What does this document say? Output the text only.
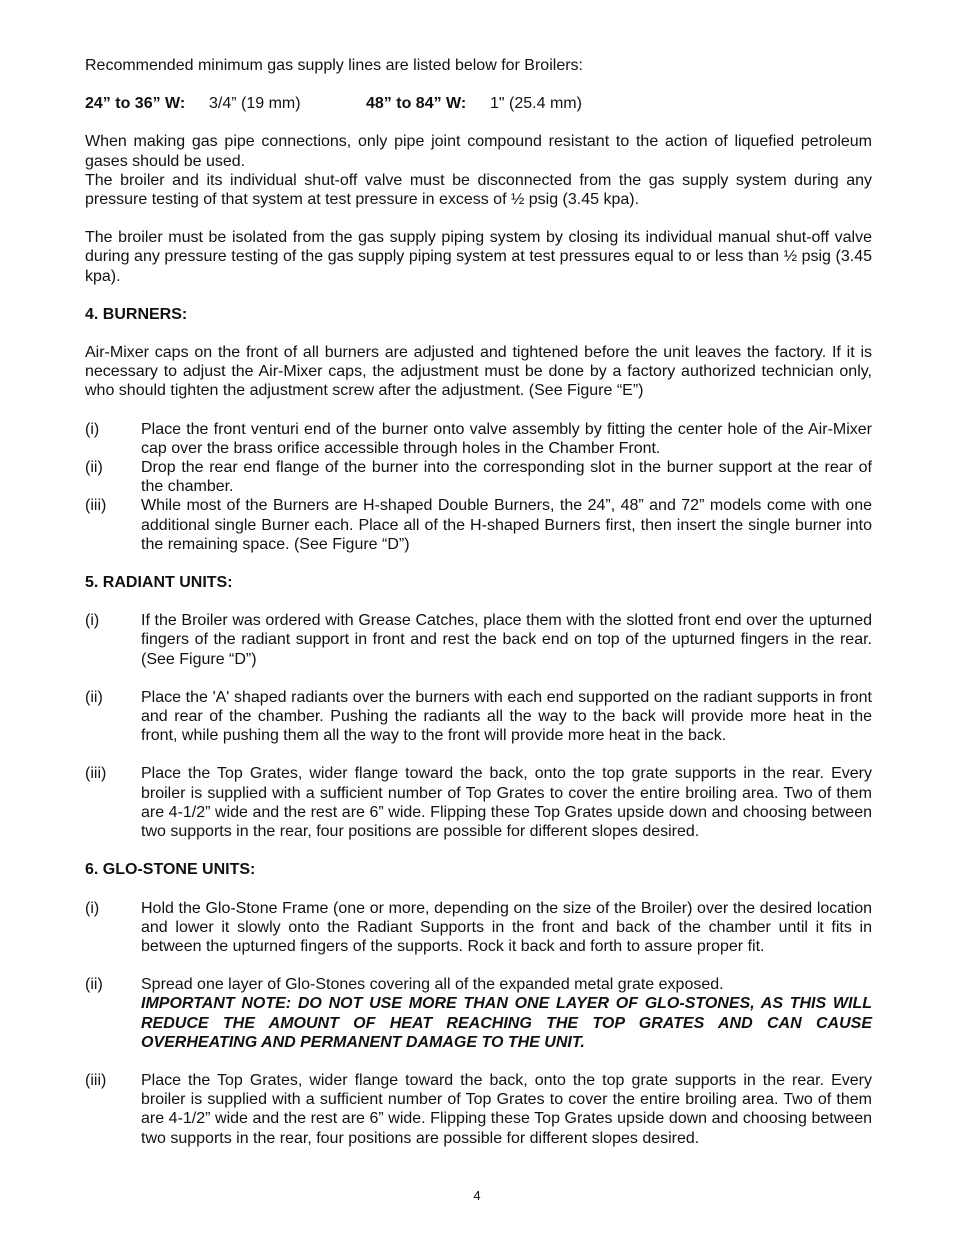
Recommended minimum gas supply lines are listed below for Broilers:

24” to 36” W:	3/4” (19 mm)	48” to 84” W:	1" (25.4 mm)

When making gas pipe connections, only pipe joint compound resistant to the action of liquefied petroleum gases should be used.

The broiler and its individual shut-off valve must be disconnected from the gas supply system during any pressure testing of that system at test pressure in excess of ½ psig (3.45 kpa).

The broiler must be isolated from the gas supply piping system by closing its individual manual shut-off valve during any pressure testing of the gas supply piping system at test pressures equal to or less than ½ psig (3.45 kpa).

4. BURNERS:

Air-Mixer caps on the front of all burners are adjusted and tightened before the unit leaves the factory. If it is necessary to adjust the Air-Mixer caps, the adjustment must be done by a factory authorized technician only, who should tighten the adjustment screw after the adjustment. (See Figure “E”)

(i)	Place the front venturi end of the burner onto valve assembly by fitting the center hole of the Air-Mixer cap over the brass orifice accessible through holes in the Chamber Front.
(ii)	Drop the rear end flange of the burner into the corresponding slot in the burner support at the rear of the chamber.
(iii)	While most of the Burners are H-shaped Double Burners, the 24”, 48” and 72” models come with one additional single Burner each. Place all of the H-shaped Burners first, then insert the single burner into the remaining space. (See Figure “D”)
5. RADIANT UNITS:
(i)	If the Broiler was ordered with Grease Catches, place them with the slotted front end over the upturned fingers of the radiant support in front and rest the back end on top of the upturned fingers in the rear. (See Figure “D”)
(ii)	Place the 'A' shaped radiants over the burners with each end supported on the radiant supports in front and rear of the chamber. Pushing the radiants all the way to the back will provide more heat in the front, while pushing them all the way to the front will provide more heat in the back.
(iii)	Place the Top Grates, wider flange toward the back, onto the top grate supports in the rear. Every broiler is supplied with a sufficient number of Top Grates to cover the entire broiling area. Two of them are 4-1/2” wide and the rest are 6” wide. Flipping these Top Grates upside down and choosing between two supports in the rear, four positions are possible for different slopes desired.
6. GLO-STONE UNITS:
(i)	Hold the Glo-Stone Frame (one or more, depending on the size of the Broiler) over the desired location and lower it slowly onto the Radiant Supports in the front and back of the chamber until it fits in between the upturned fingers of the supports. Rock it back and forth to assure proper fit.
(ii)	Spread one layer of Glo-Stones covering all of the expanded metal grate exposed.
IMPORTANT NOTE: DO NOT USE MORE THAN ONE LAYER OF GLO-STONES, AS THIS WILL REDUCE THE AMOUNT OF HEAT REACHING THE TOP GRATES AND CAN CAUSE OVERHEATING AND PERMANENT DAMAGE TO THE UNIT.
(iii)	Place the Top Grates, wider flange toward the back, onto the top grate supports in the rear. Every broiler is supplied with a sufficient number of Top Grates to cover the entire broiling area. Two of them are 4-1/2” wide and the rest are 6” wide. Flipping these Top Grates upside down and choosing between two supports in the rear, four positions are possible for different slopes desired.
4
